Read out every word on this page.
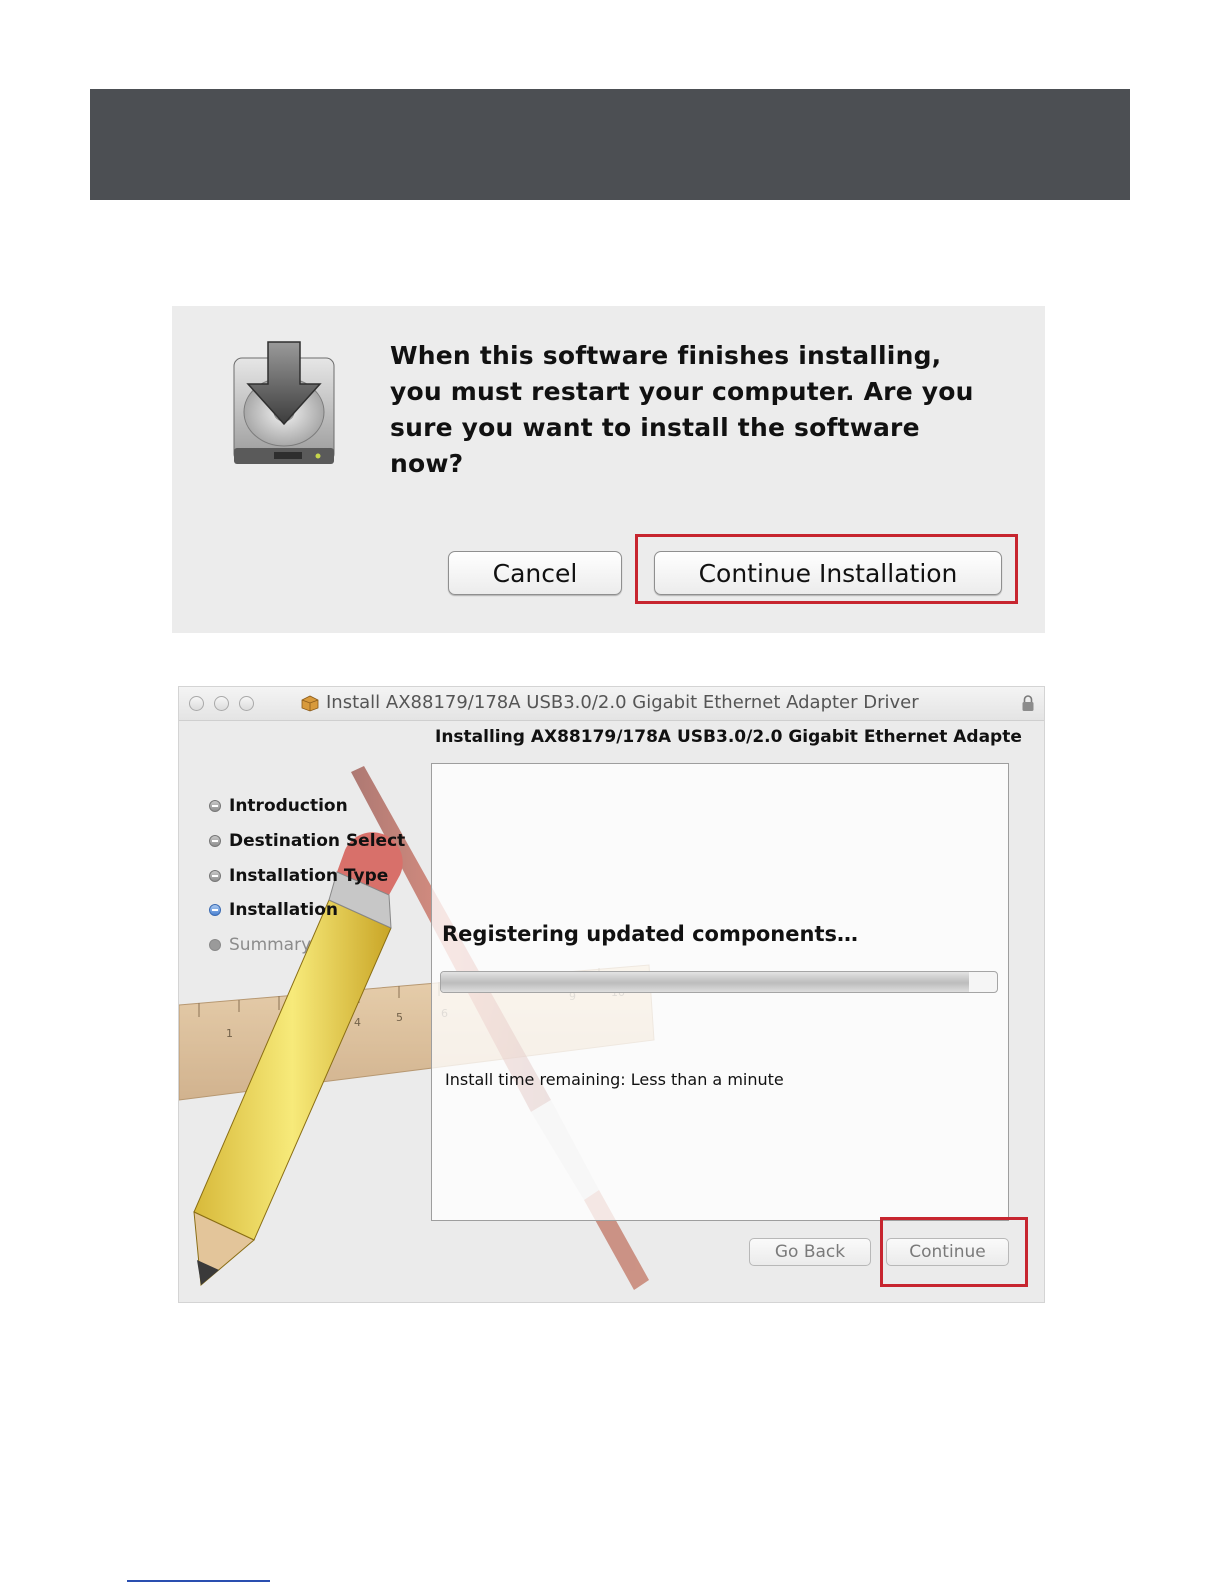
When this software finishes installing, you must restart your computer. Are you sure you want to install the software now?
Cancel	Continue Installation
Install AX88179/178A USB3.0/2.0 Gigabit Ethernet Adapter Driver
Installing AX88179/178A USB3.0/2.0 Gigabit Ethernet Adapte
1
4	5
Introduction
Destination Select
Installation Type
Installation
Summary	Registering updated components…
Install time remaining: Less than a minute
Go Back	Continue
